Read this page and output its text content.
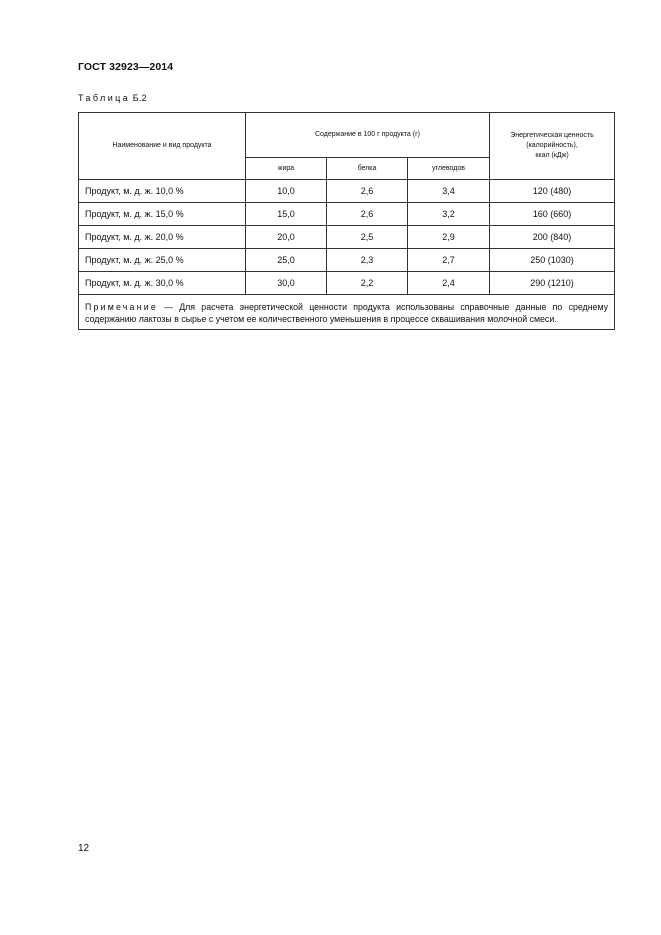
ГОСТ 32923—2014
Таблица Б.2
Наименование и вид продукта	Содержание в 100 г продукта (г)			Энергетическая ценность
(калорийность),
ккал (кДж)

	жира	белка	углеводов	
Продукт, м. д. ж. 10,0 %	10,0	2,6	3,4	120 (480)
Продукт, м. д. ж. 15,0 %	15,0	2,6	3,2	160 (660)
Продукт, м. д. ж. 20,0 %	20,0	2,5	2,9	200 (840)
Продукт, м. д. ж. 25,0 %	25,0	2,3	2,7	250 (1030)
Продукт, м. д. ж. 30,0 %	30,0	2,2	2,4	290 (1210)
Примечание — Для расчета энергетической ценности продукта использованы справочные данные по среднему содержанию лактозы в сырье с учетом ее количественного уменьшения в процессе сквашивания молочной смеси.				
12
